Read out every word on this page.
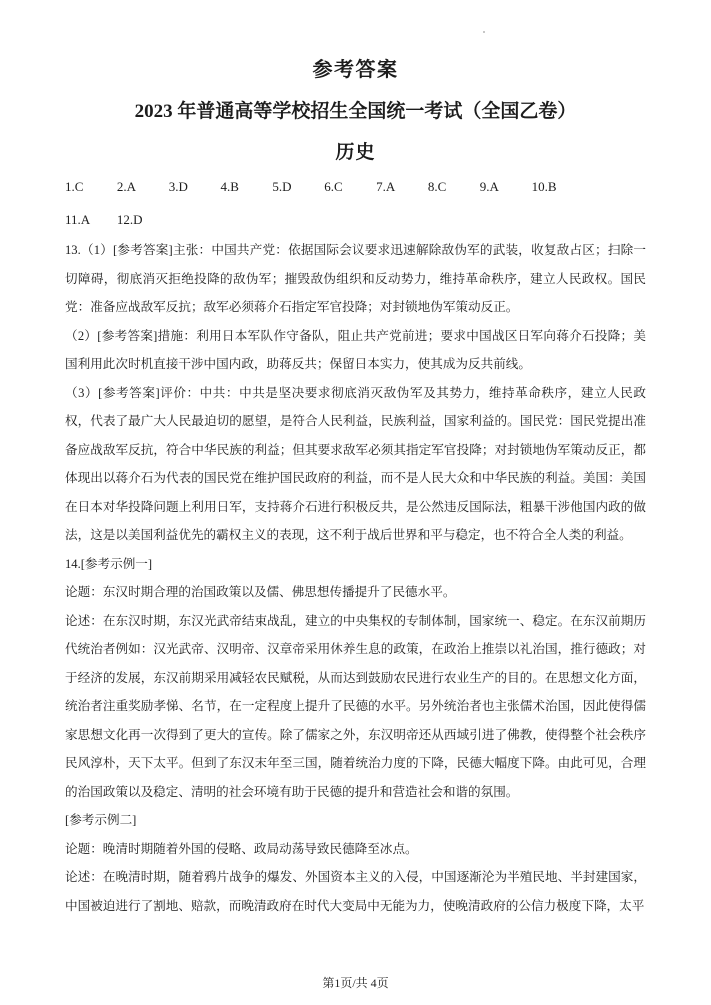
参考答案
2023 年普通高等学校招生全国统一考试（全国乙卷）
历史
1.C	2.A	3.D	4.B	5.D	6.C	7.A	8.C	9.A	10.B
11.A 12.D

13.（1）[参考答案]主张：中国共产党：依据国际会议要求迅速解除敌伪军的武装，收复敌占区；扫除一切障碍，彻底消灭拒绝投降的敌伪军；摧毁敌伪组织和反动势力，维持革命秩序，建立人民政权。国民党：准备应战敌军反抗；敌军必须蒋介石指定军官投降；对封锁地伪军策动反正。

（2）[参考答案]措施：利用日本军队作守备队，阻止共产党前进；要求中国战区日军向蒋介石投降；美国利用此次时机直接干涉中国内政，助蒋反共；保留日本实力，使其成为反共前线。

（3）[参考答案]评价：中共：中共是坚决要求彻底消灭敌伪军及其势力，维持革命秩序，建立人民政权，代表了最广大人民最迫切的愿望，是符合人民利益，民族利益，国家利益的。国民党：国民党提出准备应战敌军反抗，符合中华民族的利益；但其要求敌军必须其指定军官投降；对封锁地伪军策动反正，都体现出以蒋介石为代表的国民党在维护国民政府的利益，而不是人民大众和中华民族的利益。美国：美国在日本对华投降问题上利用日军，支持蒋介石进行积极反共，是公然违反国际法，粗暴干涉他国内政的做法，这是以美国利益优先的霸权主义的表现，这不利于战后世界和平与稳定，也不符合全人类的利益。

14.[参考示例一]

论题：东汉时期合理的治国政策以及儒、佛思想传播提升了民德水平。

论述：在东汉时期，东汉光武帝结束战乱，建立的中央集权的专制体制，国家统一、稳定。在东汉前期历代统治者例如：汉光武帝、汉明帝、汉章帝采用休养生息的政策，在政治上推崇以礼治国，推行德政；对于经济的发展，东汉前期采用减轻农民赋税，从而达到鼓励农民进行农业生产的目的。在思想文化方面，统治者注重奖励孝悌、名节，在一定程度上提升了民德的水平。另外统治者也主张儒术治国，因此使得儒家思想文化再一次得到了更大的宣传。除了儒家之外，东汉明帝还从西域引进了佛教，使得整个社会秩序民风淳朴，天下太平。但到了东汉末年至三国，随着统治力度的下降，民德大幅度下降。由此可见，合理的治国政策以及稳定、清明的社会环境有助于民德的提升和营造社会和谐的氛围。

[参考示例二]

论题：晚清时期随着外国的侵略、政局动荡导致民德降至冰点。

论述：在晚清时期，随着鸦片战争的爆发、外国资本主义的入侵，中国逐渐沦为半殖民地、半封建国家，中国被迫进行了割地、赔款，而晚清政府在时代大变局中无能为力，使晚清政府的公信力极度下降，太平

第1页/共 4页
